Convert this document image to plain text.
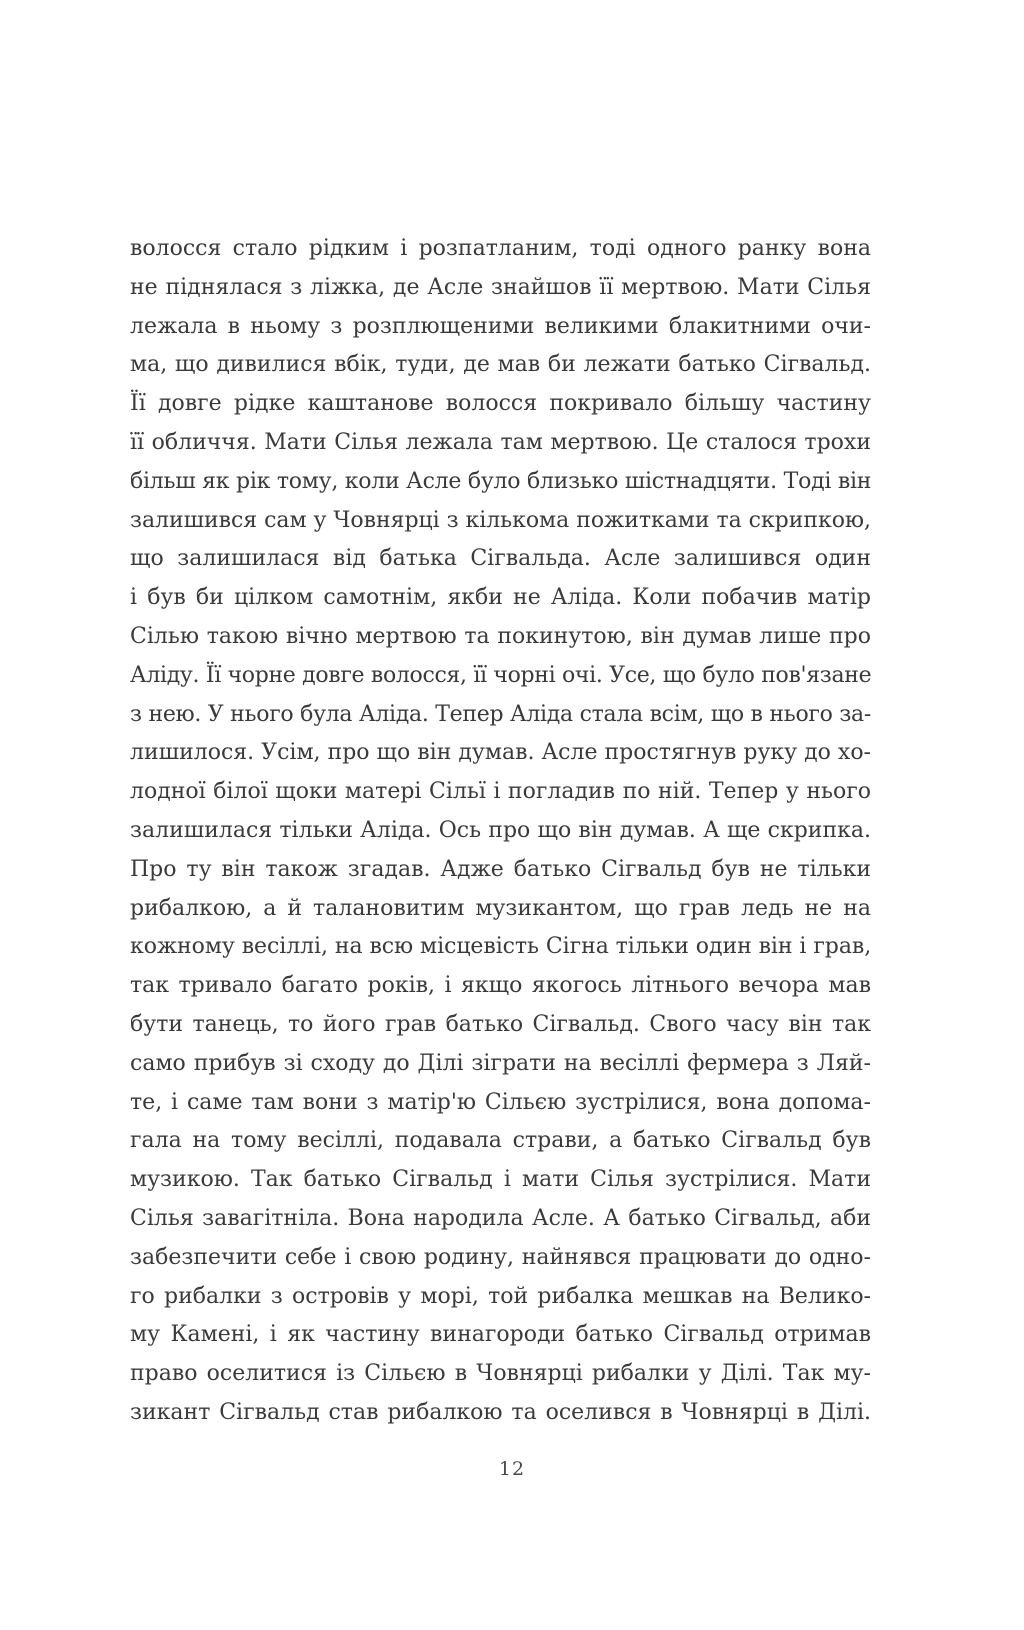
волосся стало рідким і розпатланим, тоді одного ранку вона
не піднялася з ліжка, де Асле знайшов її мертвою. Мати Сілья
лежала в ньому з розплющеними великими блакитними очи-
ма, що дивилися вбік, туди, де мав би лежати батько Сігвальд.
Її довге рідке каштанове волосся покривало більшу частину
її обличчя. Мати Сілья лежала там мертвою. Це сталося трохи
більш як рік тому, коли Асле було близько шістнадцяти. Тоді він
залишився сам у Човнярці з кількома пожитками та скрипкою,
що залишилася від батька Сігвальда. Асле залишився один
і був би цілком самотнім, якби не Аліда. Коли побачив матір
Сілью такою вічно мертвою та покинутою, він думав лише про
Аліду. Її чорне довге волосся, її чорні очі. Усе, що було пов'язане
з нею. У нього була Аліда. Тепер Аліда стала всім, що в нього за-
лишилося. Усім, про що він думав. Асле простягнув руку до хо-
лодної білої щоки матері Сільї і погладив по ній. Тепер у нього
залишилася тільки Аліда. Ось про що він думав. А ще скрипка.
Про ту він також згадав. Адже батько Сігвальд був не тільки
рибалкою, а й талановитим музикантом, що грав ледь не на
кожному весіллі, на всю місцевість Сігна тільки один він і грав,
так тривало багато років, і якщо якогось літнього вечора мав
бути танець, то його грав батько Сігвальд. Свого часу він так
само прибув зі сходу до Ділі зіграти на весіллі фермера з Ляй-
те, і саме там вони з матір'ю Сільєю зустрілися, вона допома-
гала на тому весіллі, подавала страви, а батько Сігвальд був
музикою. Так батько Сігвальд і мати Сілья зустрілися. Мати
Сілья завагітніла. Вона народила Асле. А батько Сігвальд, аби
забезпечити себе і свою родину, найнявся працювати до одно-
го рибалки з островів у морі, той рибалка мешкав на Велико-
му Камені, і як частину винагороди батько Сігвальд отримав
право оселитися із Сільєю в Човнярці рибалки у Ділі. Так му-
зикант Сігвальд став рибалкою та оселився в Човнярці в Ділі.
12
